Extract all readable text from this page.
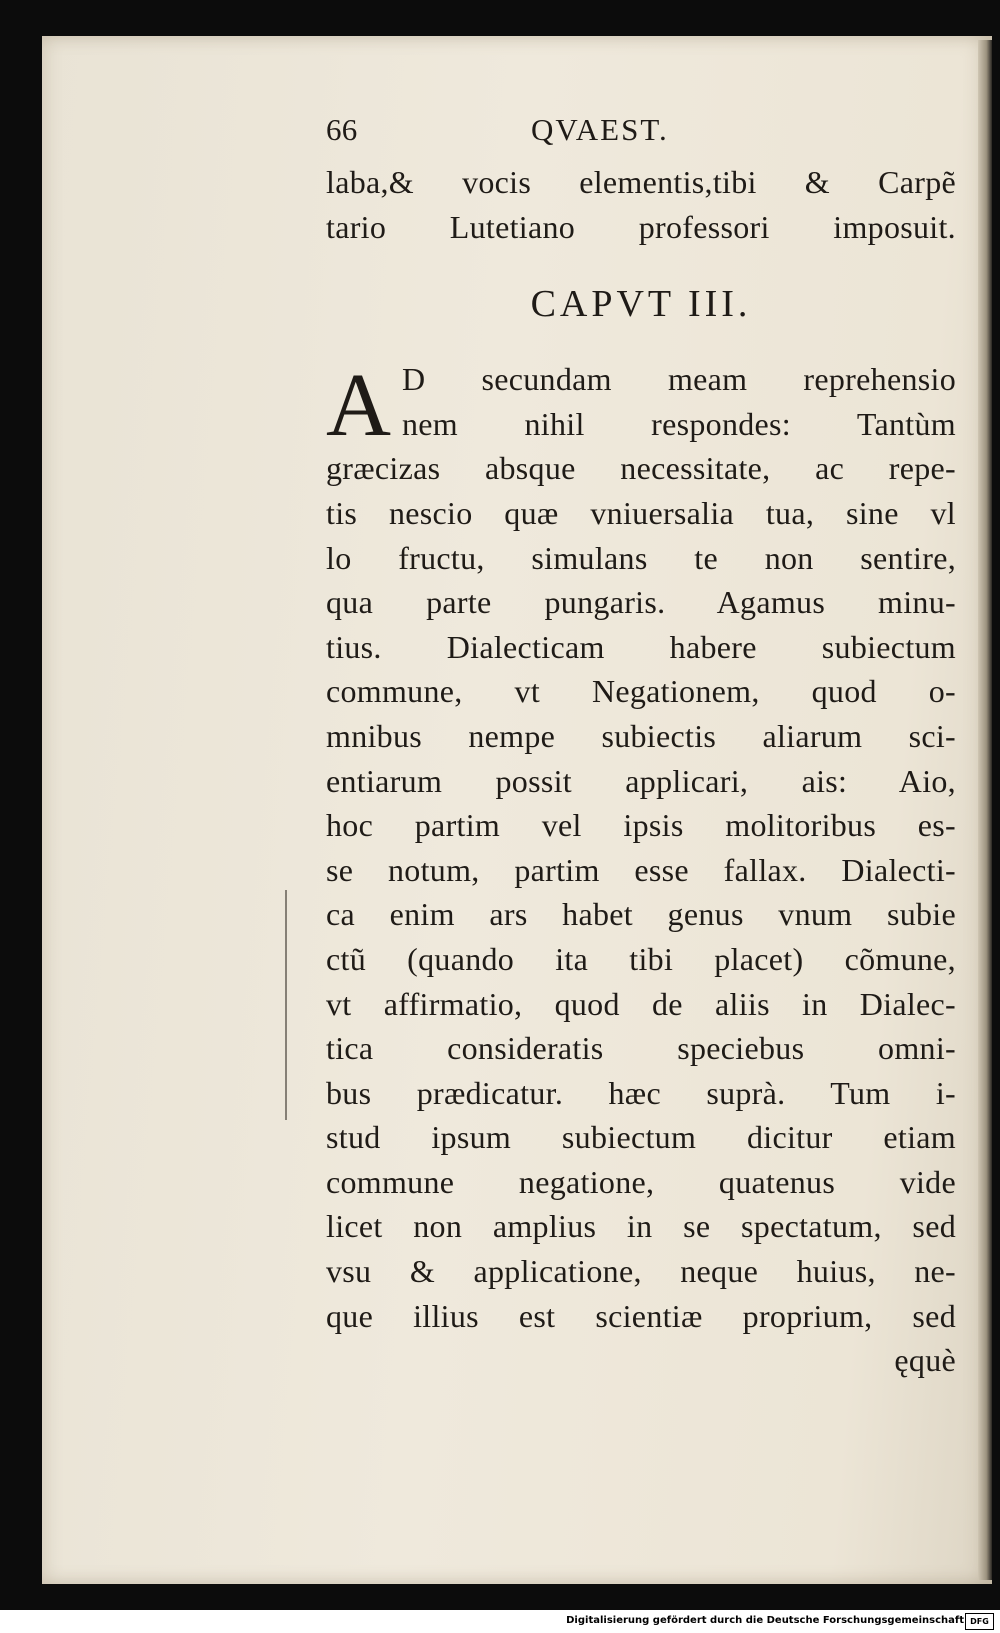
66	QVAEST.
laba,& vocis elementis,tibi & Carpẽ
tario Lutetiano professori imposuit.
CAPVT III.
A D secundam meam reprehensio
nem nihil respondes: Tantùm
græcizas absque necessitate, ac repe-
tis nescio quæ vniuersalia tua, sine vl
lo fructu, simulans te non sentire,
qua parte pungaris. Agamus minu-
tius. Dialecticam habere subiectum
commune, vt Negationem, quod o-
mnibus nempe subiectis aliarum sci-
entiarum possit applicari, ais: Aio,
hoc partim vel ipsis molitoribus es-
se notum, partim esse fallax. Dialecti-
ca enim ars habet genus vnum subie
ctũ (quando ita tibi placet) cõmune,
vt affirmatio, quod de aliis in Dialec-
tica consideratis speciebus omni-
bus prædicatur. hæc suprà. Tum i-
stud ipsum subiectum dicitur etiam
commune negatione, quatenus vide
licet non amplius in se spectatum, sed
vsu & applicatione, neque huius, ne-
que illius est scientiæ proprium, sed
ęquè
Digitalisierung gefördert durch die Deutsche Forschungsgemeinschaft DFG
